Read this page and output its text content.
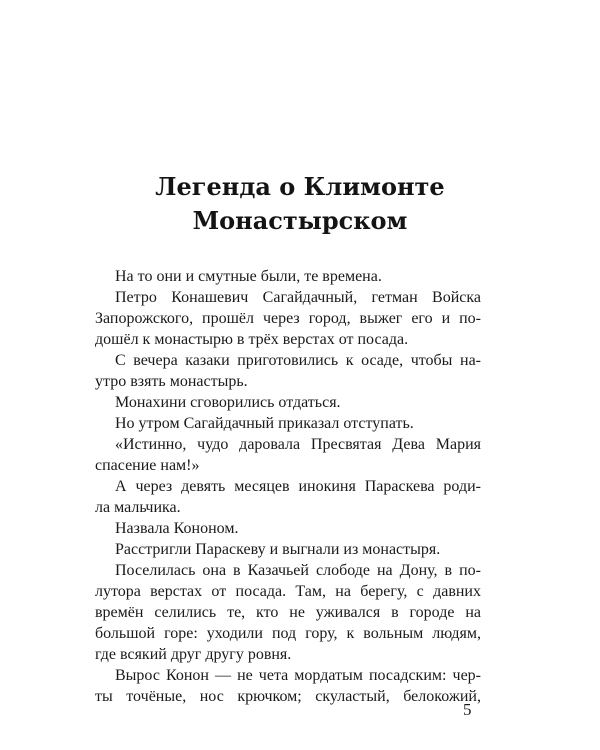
Легенда о Климонте
Монастырском
На то они и смутные были, те времена.
Петро Конашевич Сагайдачный, гетман Войска
Запорожского, прошёл через город, выжег его и по-
дошёл к монастырю в трёх верстах от посада.
С вечера казаки приготовились к осаде, чтобы на-
утро взять монастырь.
Монахини сговорились отдаться.
Но утром Сагайдачный приказал отступать.
«Истинно, чудо даровала Пресвятая Дева Мария
спасение нам!»
А через девять месяцев инокиня Параскева роди-
ла мальчика.
Назвала Кононом.
Расстригли Параскеву и выгнали из монастыря.
Поселилась она в Казачьей слободе на Дону, в по-
лутора верстах от посада. Там, на берегу, с давних
времён селились те, кто не уживался в городе на
большой горе: уходили под гору, к вольным людям,
где всякий друг другу ровня.
Вырос Конон — не чета мордатым посадским: чер-
ты точёные, нос крючком; скуластый, белокожий,
5
